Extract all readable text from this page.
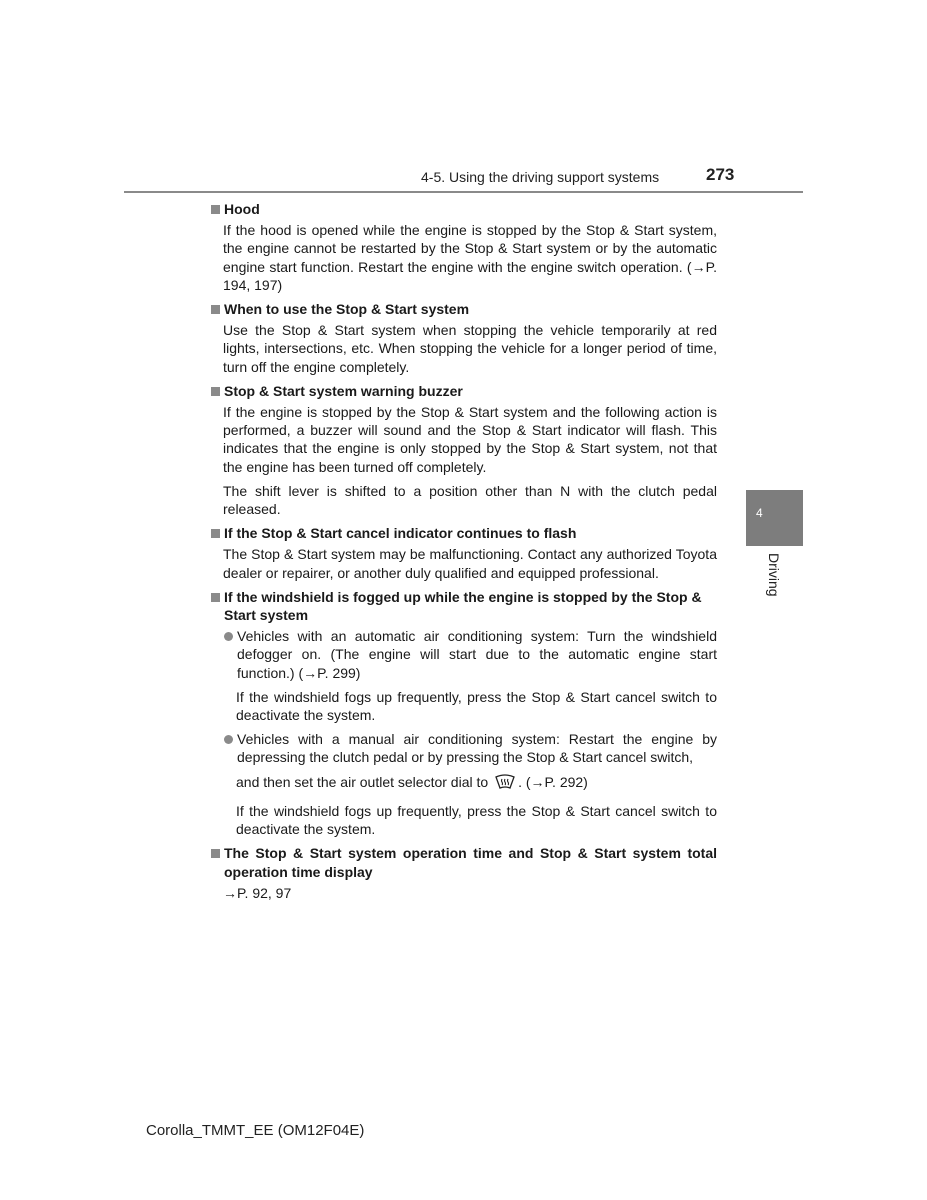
4-5. Using the driving support systems	273
4
Driving
Hood
If the hood is opened while the engine is stopped by the Stop & Start system, the engine cannot be restarted by the Stop & Start system or by the automatic engine start function. Restart the engine with the engine switch operation. (→P. 194, 197)
When to use the Stop & Start system
Use the Stop & Start system when stopping the vehicle temporarily at red lights, intersections, etc. When stopping the vehicle for a longer period of time, turn off the engine completely.
Stop & Start system warning buzzer
If the engine is stopped by the Stop & Start system and the following action is performed, a buzzer will sound and the Stop & Start indicator will flash. This indicates that the engine is only stopped by the Stop & Start system, not that the engine has been turned off completely.
The shift lever is shifted to a position other than N with the clutch pedal released.
If the Stop & Start cancel indicator continues to flash
The Stop & Start system may be malfunctioning. Contact any authorized Toyota dealer or repairer, or another duly qualified and equipped professional.
If the windshield is fogged up while the engine is stopped by the Stop & Start system
Vehicles with an automatic air conditioning system: Turn the windshield defogger on. (The engine will start due to the automatic engine start function.) (→P. 299)
If the windshield fogs up frequently, press the Stop & Start cancel switch to deactivate the system.
Vehicles with a manual air conditioning system: Restart the engine by depressing the clutch pedal or by pressing the Stop & Start cancel switch,
and then set the air outlet selector dial to . (→P. 292)
If the windshield fogs up frequently, press the Stop & Start cancel switch to deactivate the system.
The Stop & Start system operation time and Stop & Start system total operation time display
→P. 92, 97
Corolla_TMMT_EE (OM12F04E)
